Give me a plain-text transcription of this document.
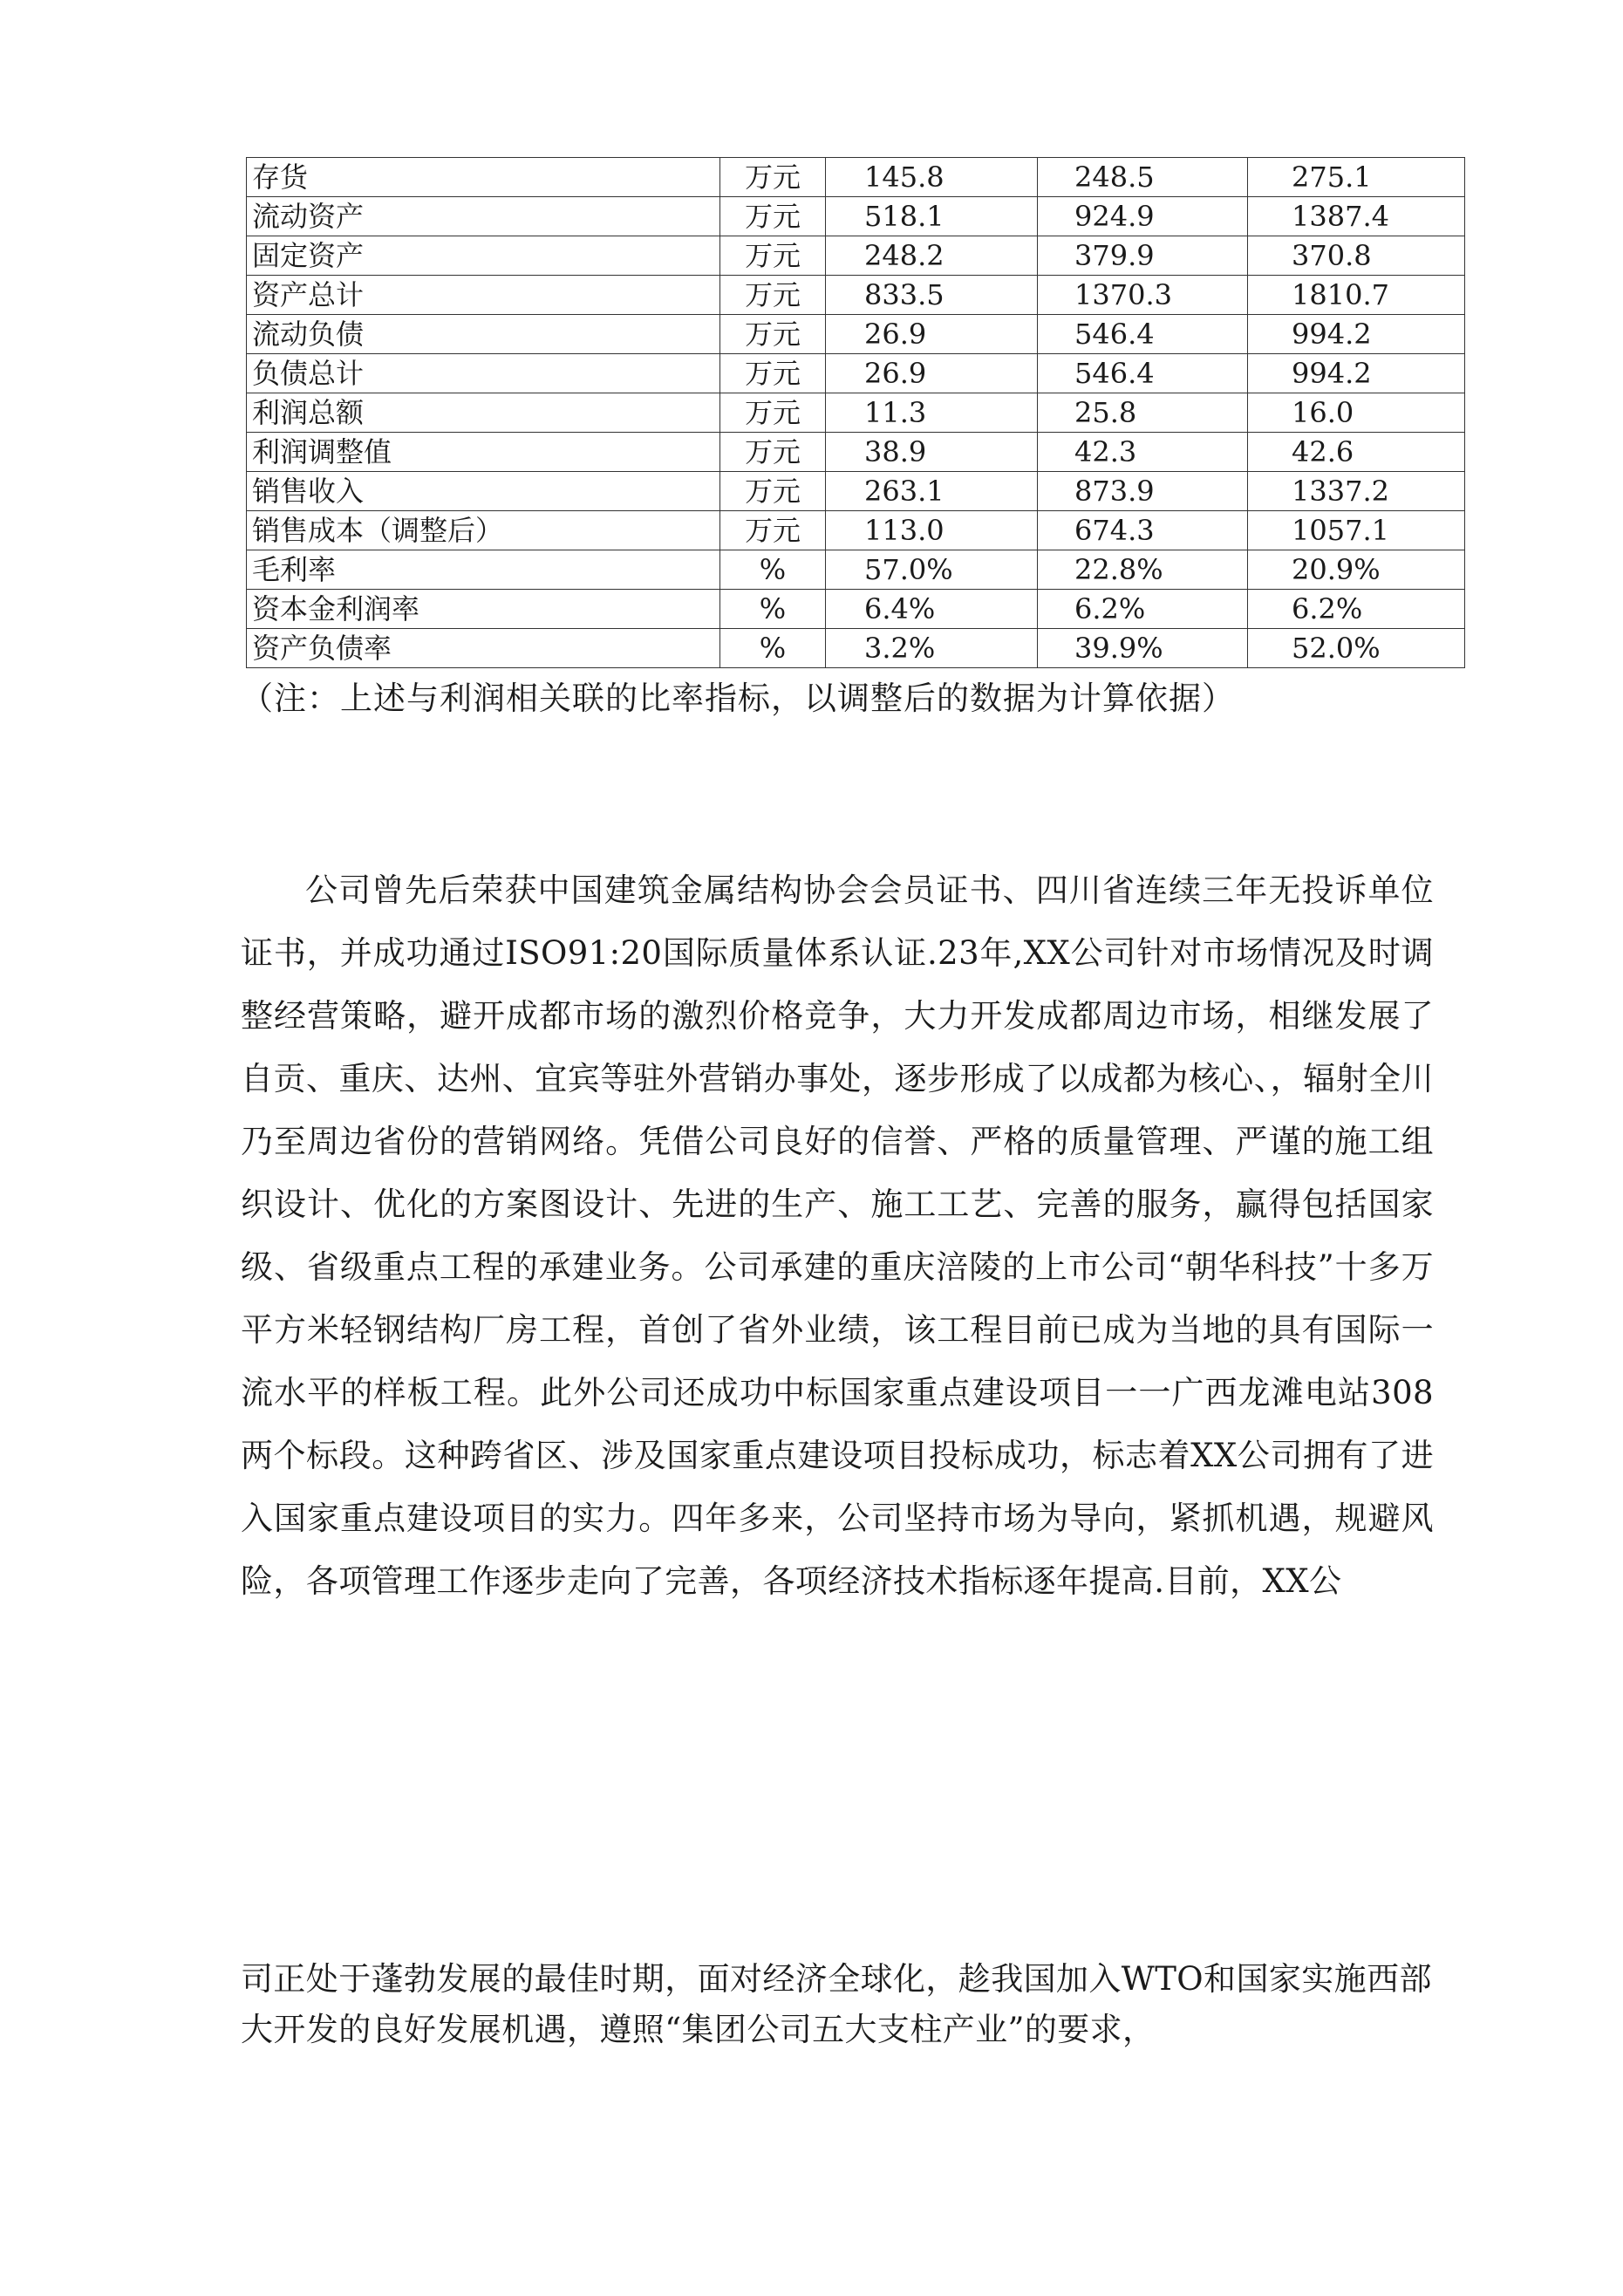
存货	万元	145.8	248.5	275.1
流动资产	万元	518.1	924.9	1387.4
固定资产	万元	248.2	379.9	370.8
资产总计	万元	833.5	1370.3	1810.7
流动负债	万元	26.9	546.4	994.2
负债总计	万元	26.9	546.4	994.2
利润总额	万元	11.3	25.8	16.0
利润调整值	万元	38.9	42.3	42.6
销售收入	万元	263.1	873.9	1337.2
销售成本（调整后）	万元	113.0	674.3	1057.1
毛利率	%	57.0%	22.8%	20.9%
资本金利润率	%	6.4%	6.2%	6.2%
资产负债率	%	3.2%	39.9%	52.0%
（注：上述与利润相关联的比率指标，以调整后的数据为计算依据）
公司曾先后荣获中国建筑金属结构协会会员证书、四川省连续三年无投诉单位证书，并成功通过ISO91:20国际质量体系认证.23年,XX公司针对市场情况及时调整经营策略，避开成都市场的激烈价格竞争，大力开发成都周边市场，相继发展了自贡、重庆、达州、宜宾等驻外营销办事处，逐步形成了以成都为核心、，辐射全川乃至周边省份的营销网络。凭借公司良好的信誉、严格的质量管理、严谨的施工组织设计、优化的方案图设计、先进的生产、施工工艺、完善的服务，赢得包括国家级、省级重点工程的承建业务。公司承建的重庆涪陵的上市公司“朝华科技”十多万平方米轻钢结构厂房工程，首创了省外业绩，该工程目前已成为当地的具有国际一流水平的样板工程。此外公司还成功中标国家重点建设项目一一广西龙滩电站308两个标段。这种跨省区、涉及国家重点建设项目投标成功，标志着XX公司拥有了进入国家重点建设项目的实力。四年多来，公司坚持市场为导向，紧抓机遇，规避风险，各项管理工作逐步走向了完善，各项经济技术指标逐年提高.目前，XX公
司正处于蓬勃发展的最佳时期，面对经济全球化，趁我国加入WTO和国家实施西部大开发的良好发展机遇，遵照“集团公司五大支柱产业”的要求，
